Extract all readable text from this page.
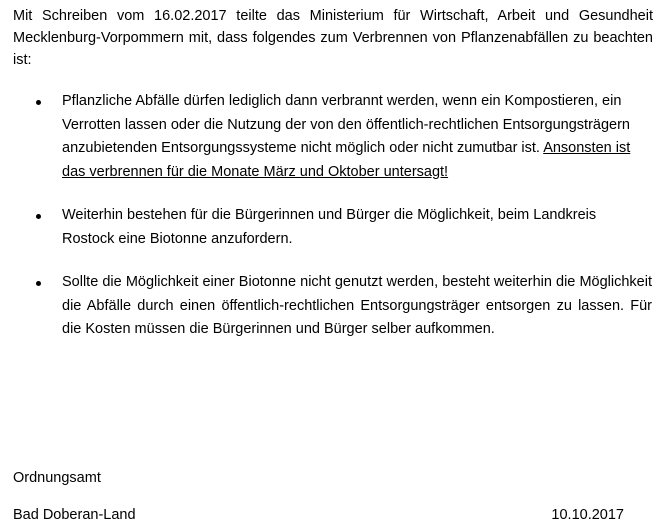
Mit Schreiben vom 16.02.2017 teilte das Ministerium für Wirtschaft, Arbeit und Gesundheit Mecklenburg-Vorpommern mit, dass folgendes zum Verbrennen von Pflanzenabfällen zu beachten ist:

Pflanzliche Abfälle dürfen lediglich dann verbrannt werden, wenn ein Kompostieren, ein Verrotten lassen oder die Nutzung der von den öffentlich-rechtlichen Entsorgungsträgern anzubietenden Entsorgungssysteme nicht möglich oder nicht zumutbar ist. Ansonsten ist das verbrennen für die Monate März und Oktober untersagt!
Weiterhin bestehen für die Bürgerinnen und Bürger die Möglichkeit, beim Landkreis Rostock eine Biotonne anzufordern.
Sollte die Möglichkeit einer Biotonne nicht genutzt werden, besteht weiterhin die Möglichkeit die Abfälle durch einen öffentlich-rechtlichen Entsorgungsträger entsorgen zu lassen. Für die Kosten müssen die Bürgerinnen und Bürger selber aufkommen.

Ordnungsamt

Bad Doberan-Land	10.10.2017
